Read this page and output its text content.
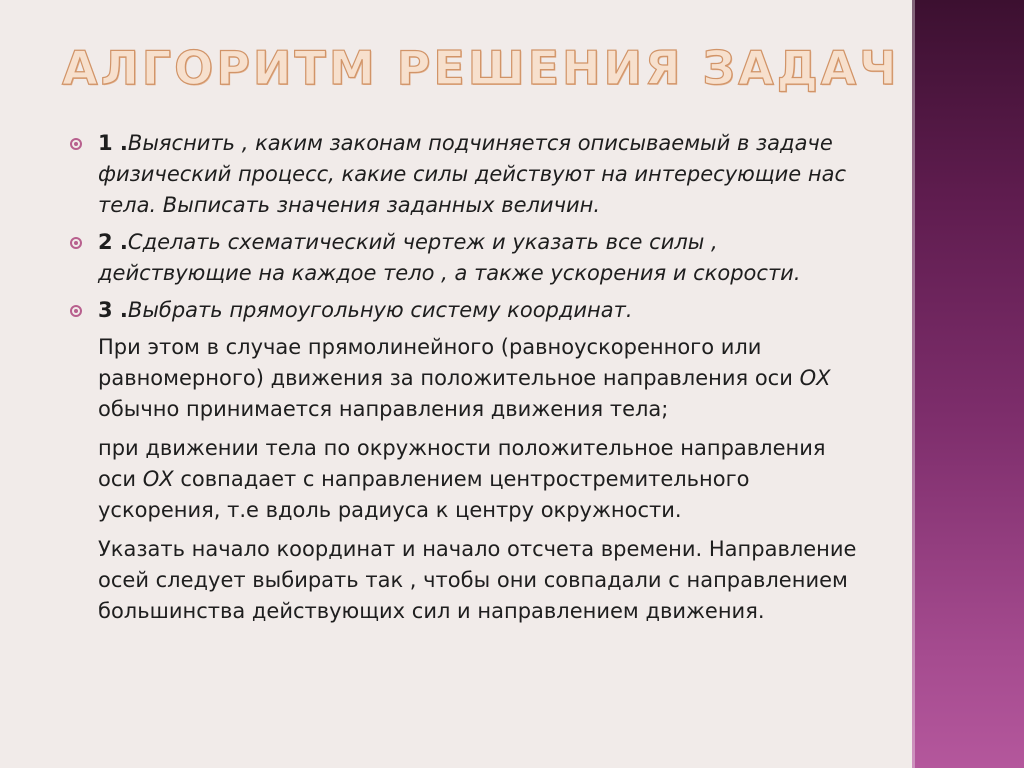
АЛГОРИТМ РЕШЕНИЯ ЗАДАЧ
1 .Выяснить , каким законам подчиняется описываемый в задаче физический процесс, какие силы действуют на интересующие нас тела. Выписать значения заданных величин.
2 .Сделать схематический чертеж и указать все силы , действующие на каждое тело , а также ускорения и скорости.
3 .Выбрать прямоугольную систему координат.
При этом в случае прямолинейного (равноускоренного или равномерного) движения за положительное направления оси ОХ  обычно принимается направления движения тела;
при движении тела по окружности положительное направления оси ОХ совпадает с направлением центростремительного ускорения, т.е вдоль радиуса к центру окружности.
Указать начало координат и начало отсчета времени. Направление осей следует выбирать так , чтобы они совпадали с направлением большинства действующих сил и направлением движения.
